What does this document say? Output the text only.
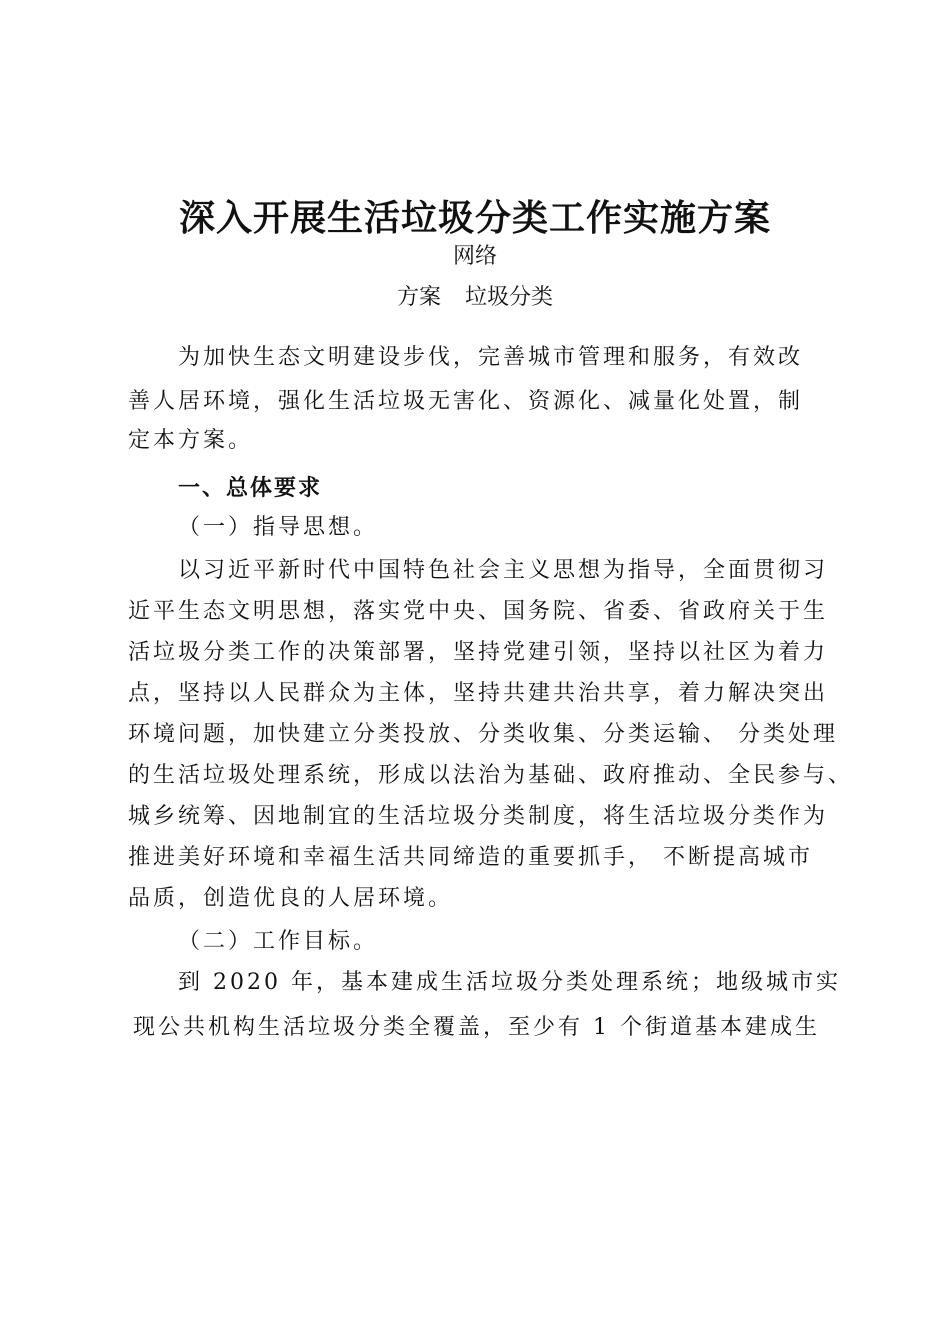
深入开展生活垃圾分类工作实施方案
网络
方案 垃圾分类
为加快生态文明建设步伐，完善城市管理和服务，有效改
善人居环境，强化生活垃圾无害化、资源化、减量化处置，制
定本方案。
一、总体要求
（一）指导思想。
以习近平新时代中国特色社会主义思想为指导，全面贯彻习
近平生态文明思想，落实党中央、国务院、省委、省政府关于生
活垃圾分类工作的决策部署，坚持党建引领，坚持以社区为着力
点，坚持以人民群众为主体，坚持共建共治共享，着力解决突出
环境问题，加快建立分类投放、分类收集、分类运输、 分类处理
的生活垃圾处理系统，形成以法治为基础、政府推动、全民参与、
城乡统筹、因地制宜的生活垃圾分类制度，将生活垃圾分类作为
推进美好环境和幸福生活共同缔造的重要抓手， 不断提高城市
品质，创造优良的人居环境。
（二）工作目标。
到 2020 年，基本建成生活垃圾分类处理系统；地级城市实
现公共机构生活垃圾分类全覆盖，至少有 1 个街道基本建成生
